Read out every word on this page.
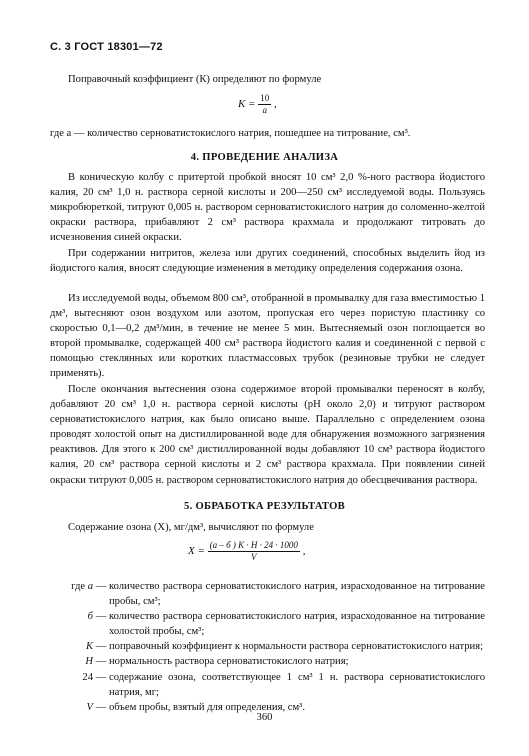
С. 3 ГОСТ 18301—72

Поправочный коэффициент (К) определяют по формуле

$К = \frac{10}{a}$ ,

где а — количество серноватистокислого натрия, пошедшее на титрование, см³.

4. ПРОВЕДЕНИЕ АНАЛИЗА

В коническую колбу с притертой пробкой вносят 10 см³ 2,0 %-ного раствора йодистого калия, 20 см³ 1,0 н. раствора серной кислоты и 200—250 см³ исследуемой воды. Пользуясь микробюреткой, титруют 0,005 н. раствором серноватистокислого натрия до соломенно-желтой окраски раствора, прибавляют 2 см³ раствора крахмала и продолжают титровать до исчезновения синей окраски.

При содержании нитритов, железа или других соединений, способных выделить йод из йодистого калия, вносят следующие изменения в методику определения содержания озона.

Из исследуемой воды, объемом 800 см³, отобранной в промывалку для газа вместимостью 1 дм³, вытесняют озон воздухом или азотом, пропуская его через пористую пластинку со скоростью 0,1—0,2 дм³/мин, в течение не менее 5 мин. Вытесняемый озон поглощается во второй промывалке, содержащей 400 см³ раствора йодистого калия и соединенной с первой с помощью стеклянных или коротких пластмассовых трубок (резиновые трубки не следует применять).

После окончания вытеснения озона содержимое второй промывалки переносят в колбу, добавляют 20 см³ 1,0 н. раствора серной кислоты (рН около 2,0) и титруют раствором серноватистокислого натрия, как было описано выше. Параллельно с определением озона проводят холостой опыт на дистиллированной воде для обнаружения возможного загрязнения реактивов. Для этого к 200 см³ дистиллированной воды добавляют 10 см³ раствора йодистого калия, 20 см³ раствора серной кислоты и 2 см³ раствора крахмала. При появлении синей окраски титруют 0,005 н. раствором серноватистокислого натрия до обесцвечивания раствора.

5. ОБРАБОТКА РЕЗУЛЬТАТОВ

Содержание озона (X), мг/дм³, вычисляют по формуле

$X = \frac{(а - б ) K \cdot H \cdot 24 \cdot 1000}{V}$ ,
где а — количество раствора серноватистокислого натрия, израсходованное на титрование пробы, см³;
б — количество раствора серноватистокислого натрия, израсходованное на титрование холостой пробы, см³;
К — поправочный коэффициент к нормальности раствора серноватистокислого натрия;
Н — нормальность раствора серноватистокислого натрия;
24 — содержание озона, соответствующее 1 см³ 1 н. раствора серноватистокислого натрия, мг;
V — объем пробы, взятый для определения, см³.
360
